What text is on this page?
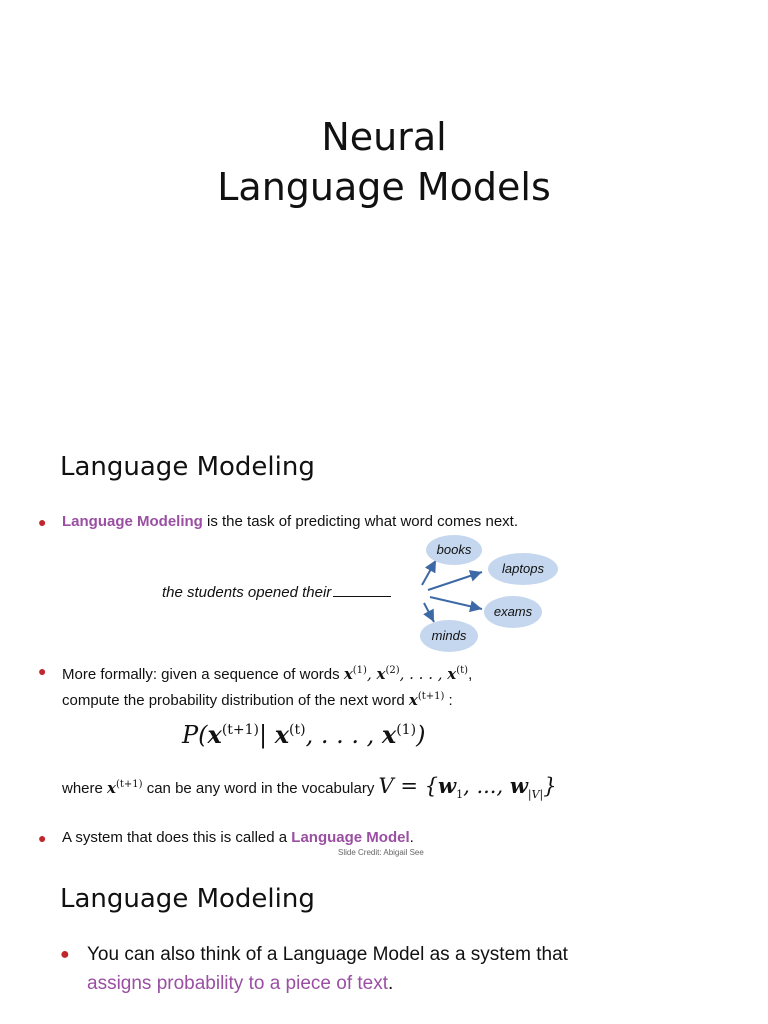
Neural
Language Models
Language Modeling
● Language Modeling is the task of predicting what word comes next.
the students opened their
books
laptops
exams
minds
● More formally: given a sequence of words $x^{(1)}$, $x^{(2)}$, . . . , $x^{(t)}$,
compute the probability distribution of the next word $x^{(t+1)}$ :
$P(x^{(t+1)}|$ $x^{(t)}$, . . . , $x^{(1)}$)
where $x^{(t+1)}$ can be any word in the vocabulary $V = \{w_1$, ..., $w_{|V|}$}
● A system that does this is called a Language Model.
Slide Credit: Abigail See
Language Modeling
● You can also think of a Language Model as a system that
assigns probability to a piece of text.
